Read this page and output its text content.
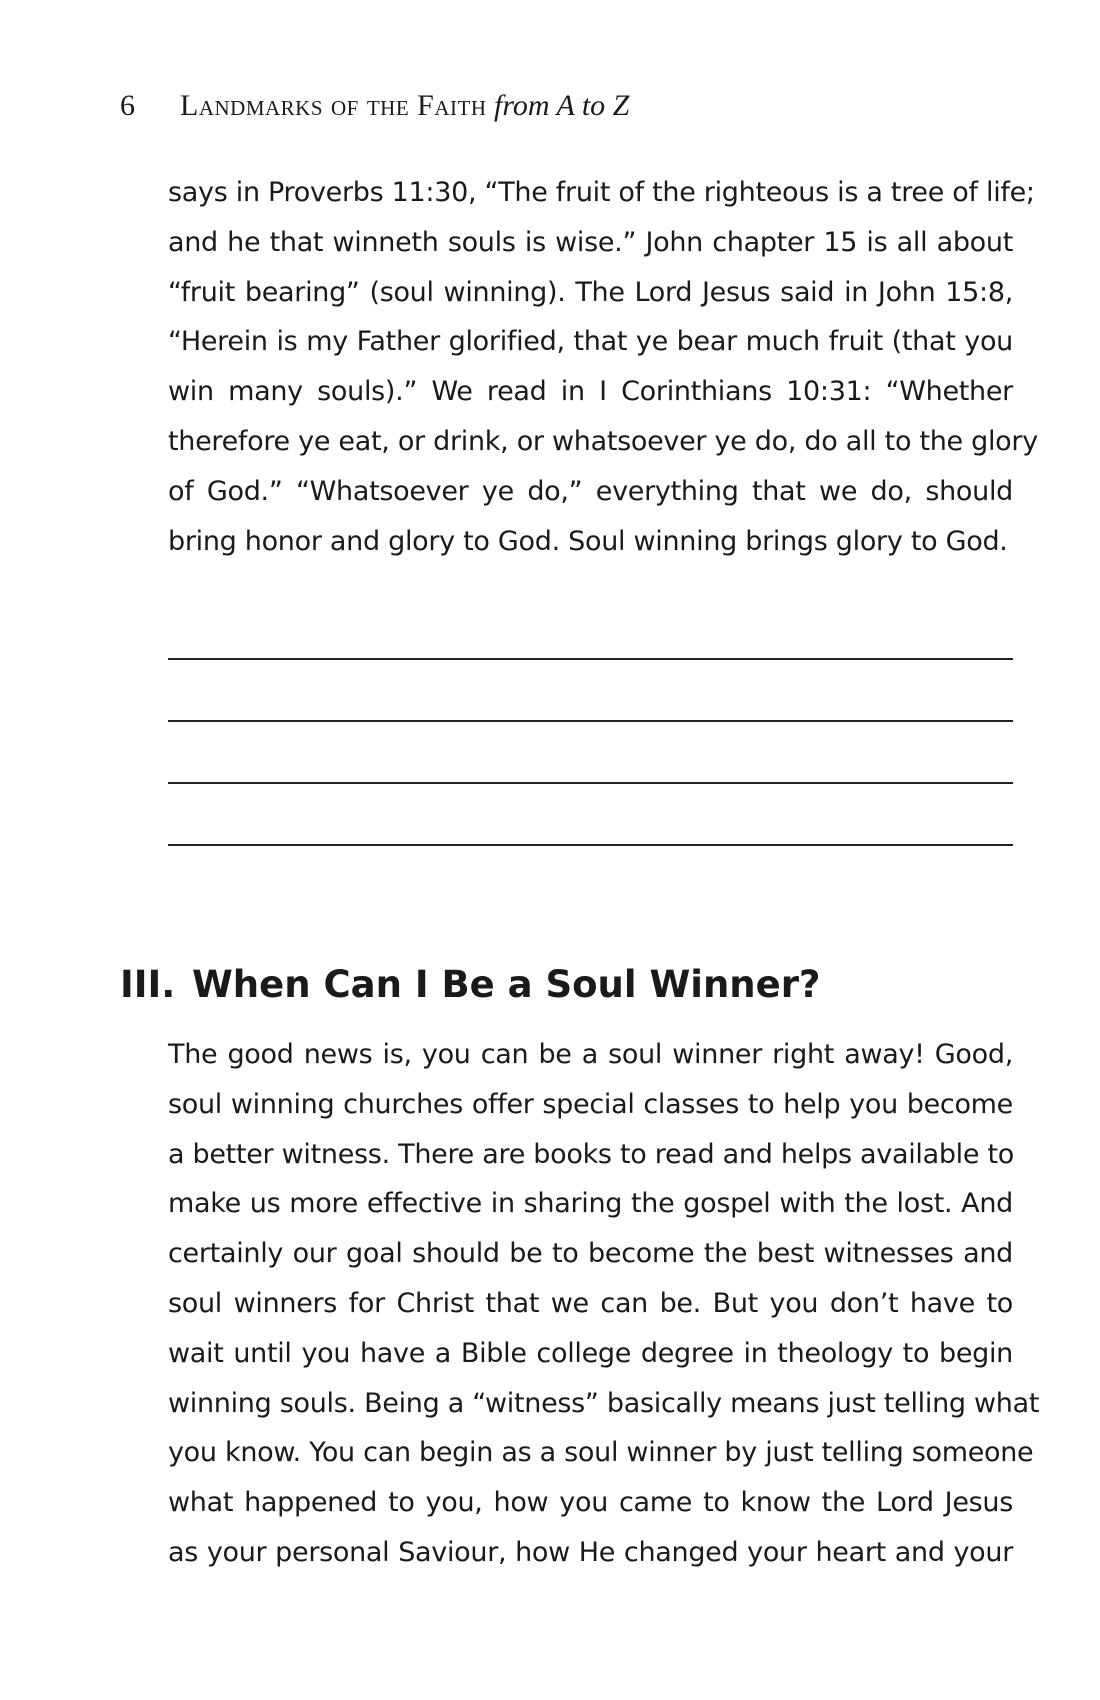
6 Landmarks of the Faith from A to Z
says in Proverbs 11:30, “The fruit of the righteous is a tree of life;
and he that winneth souls is wise.” John chapter 15 is all about
“fruit bearing” (soul winning). The Lord Jesus said in John 15:8,
“Herein is my Father glorified, that ye bear much fruit (that you
win many souls).” We read in I Corinthians 10:31: “Whether
therefore ye eat, or drink, or whatsoever ye do, do all to the glory
of God.” “Whatsoever ye do,” everything that we do, should
bring honor and glory to God. Soul winning brings glory to God.
III. When Can I Be a Soul Winner?
The good news is, you can be a soul winner right away! Good,
soul winning churches offer special classes to help you become
a better witness. There are books to read and helps available to
make us more effective in sharing the gospel with the lost. And
certainly our goal should be to become the best witnesses and
soul winners for Christ that we can be. But you don’t have to
wait until you have a Bible college degree in theology to begin
winning souls. Being a “witness” basically means just telling what
you know. You can begin as a soul winner by just telling someone
what happened to you, how you came to know the Lord Jesus
as your personal Saviour, how He changed your heart and your
